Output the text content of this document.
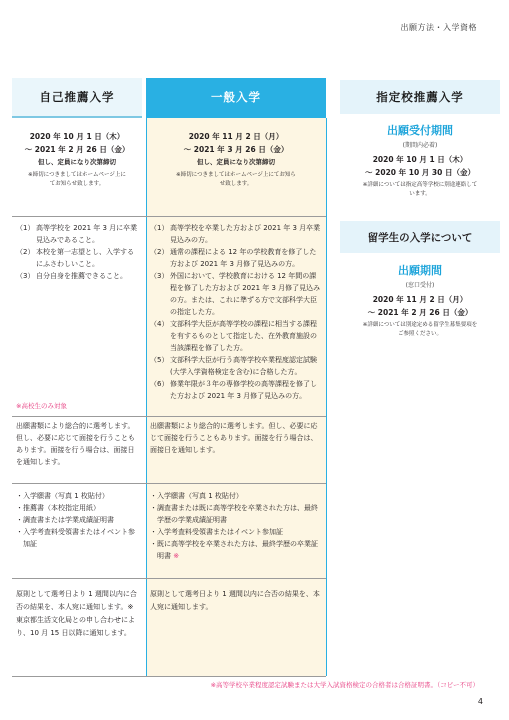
出願方法・入学資格
自己推薦入学	一般入学	指定校推薦入学
2020 年 10 月 1 日（木）
～ 2021 年 2 月 26 日（金）
但し、定員になり次第締切
※締切につきましてはホームページ上にてお知らせ致します。
2020 年 11 月 2 日（月）
～ 2021 年 3 月 26 日（金）
但し、定員になり次第締切
※締切につきましてはホームページ上にてお知らせ致します。
（1） 高等学校を 2021 年 3 月に卒業見込みであること。
（2） 本校を第一志望とし、入学するにふさわしいこと。
（3） 自分自身を推薦できること。
※高校生のみ対象
（1） 高等学校を卒業した方および 2021 年 3 月卒業見込みの方。
（2） 通常の課程による 12 年の学校教育を修了した方および 2021 年 3 月修了見込みの方。
（3） 外国において、学校教育における 12 年間の課程を修了した方および 2021 年 3 月修了見込みの方。または、これに準ずる方で文部科学大臣の指定した方。
（4） 文部科学大臣が高等学校の課程に相当する課程を有するものとして指定した、在外教育施設の当該課程を修了した方。
（5） 文部科学大臣が行う高等学校卒業程度認定試験(大学入学資格検定を含む)に合格した方。
（6） 修業年限が３年の専修学校の高等課程を修了した方および 2021 年 3 月修了見込みの方。
出願書類により総合的に選考します。但し、必要に応じて面接を行うこともあります。面接を行う場合は、面接日を通知します。
出願書類により総合的に選考します。但し、必要に応じて面接を行うこともあります。面接を行う場合は、面接日を通知します。
・入学願書（写真 1 枚貼付）
・推薦書（本校指定用紙）
・調査書または学業成績証明書
・入学考査料受領書またはイベント参加証
・入学願書（写真 1 枚貼付）
・調査書または既に高等学校を卒業された方は、最終学歴の学業成績証明書
・入学考査料受領書またはイベント参加証
・既に高等学校を卒業された方は、最終学歴の卒業証明書 ※
原則として選考日より 1 週間以内に合否の結果を、本人宛に通知します。※東京都生活文化局との申し合わせにより、10 月 15 日以降に通知します。
原則として選考日より 1 週間以内に合否の結果を、本人宛に通知します。
出願受付期間
(期間内必着)
2020 年 10 月 1 日（木）
～ 2020 年 10 月 30 日（金）
※詳細については指定高等学校に別途連絡しています。
留学生の入学について
出願期間
(窓口受付)
2020 年 11 月 2 日（月）
～ 2021 年 2 月 26 日（金）
※詳細については別途定める留学生募集要項をご参照ください。
※高等学校卒業程度認定試験または大学入試資格検定の合格者は合格証明書。（コピー不可）
4
